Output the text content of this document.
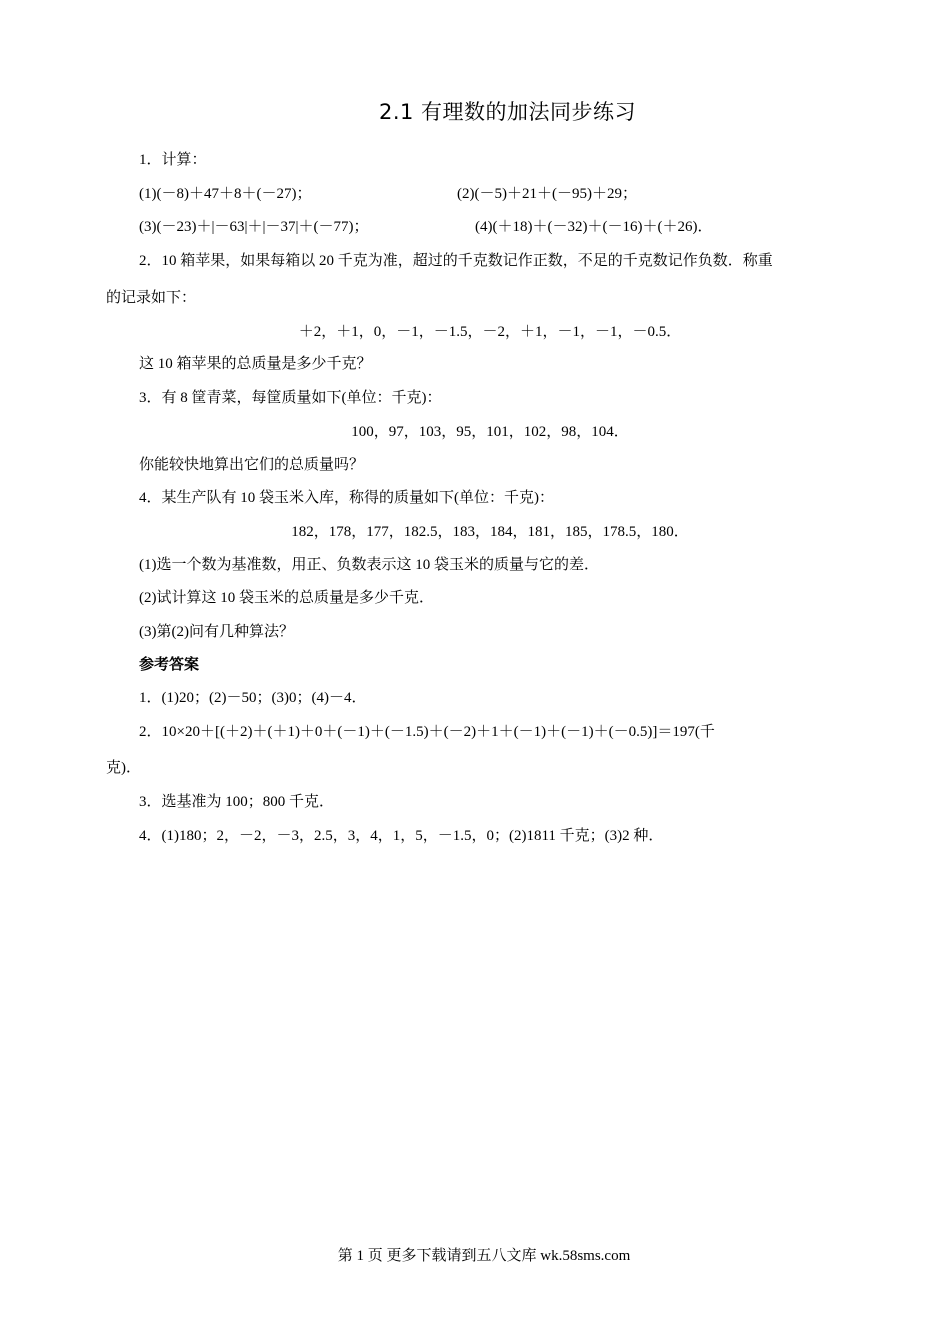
2.1 有理数的加法同步练习
1．计算：
(1)(－8)＋47＋8＋(－27)；	(2)(－5)＋21＋(－95)＋29；
(3)(－23)＋|－63|＋|－37|＋(－77)；	(4)(＋18)＋(－32)＋(－16)＋(＋26)．
2．10 箱苹果，如果每箱以 20 千克为准，超过的千克数记作正数，不足的千克数记作负数．称重
的记录如下：
＋2，＋1，0，－1，－1.5，－2，＋1，－1，－1，－0.5．
这 10 箱苹果的总质量是多少千克？
3．有 8 筐青菜，每筐质量如下(单位：千克)：
100，97，103，95，101，102，98，104．
你能较快地算出它们的总质量吗？
4．某生产队有 10 袋玉米入库，称得的质量如下(单位：千克)：
182，178，177，182.5，183，184，181，185，178.5，180．
(1)选一个数为基准数，用正、负数表示这 10 袋玉米的质量与它的差．
(2)试计算这 10 袋玉米的总质量是多少千克．
(3)第(2)问有几种算法？
参考答案
1．(1)20；(2)－50；(3)0；(4)－4．
2．10×20＋[(＋2)＋(＋1)＋0＋(－1)＋(－1.5)＋(－2)＋1＋(－1)＋(－1)＋(－0.5)]＝197(千
克)．
3．选基准为 100；800 千克．
4．(1)180；2，－2，－3，2.5，3，4，1，5，－1.5，0；(2)1811 千克；(3)2 种．
第 1 页 更多下载请到五八文库 wk.58sms.com
